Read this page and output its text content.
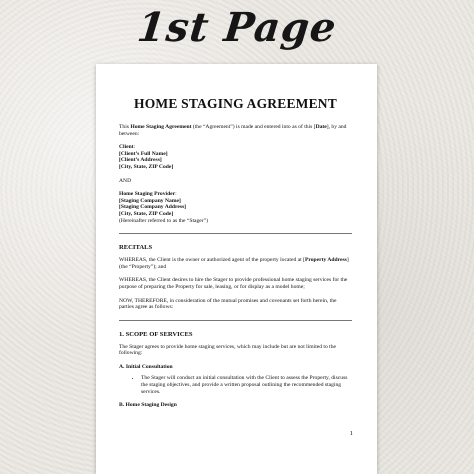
1st Page
HOME STAGING AGREEMENT

This Home Staging Agreement (the “Agreement”) is made and entered into as of this [Date], by and between:

Client:

[Client’s Full Name]

[Client’s Address]

[City, State, ZIP Code]

AND

Home Staging Provider:

[Staging Company Name]

[Staging Company Address]

[City, State, ZIP Code]

(Hereinafter referred to as the “Stager”)

RECITALS

WHEREAS, the Client is the owner or authorized agent of the property located at [Property Address] (the “Property”); and

WHEREAS, the Client desires to hire the Stager to provide professional home staging services for the purpose of preparing the Property for sale, leasing, or for display as a model home;

NOW, THEREFORE, in consideration of the mutual promises and covenants set forth herein, the parties agree as follows:

1. SCOPE OF SERVICES

The Stager agrees to provide home staging services, which may include but are not limited to the following:

A. Initial Consultation
• The Stager will conduct an initial consultation with the Client to assess the Property, discuss the staging objectives, and provide a written proposal outlining the recommended staging services.
B. Home Staging Design
1
